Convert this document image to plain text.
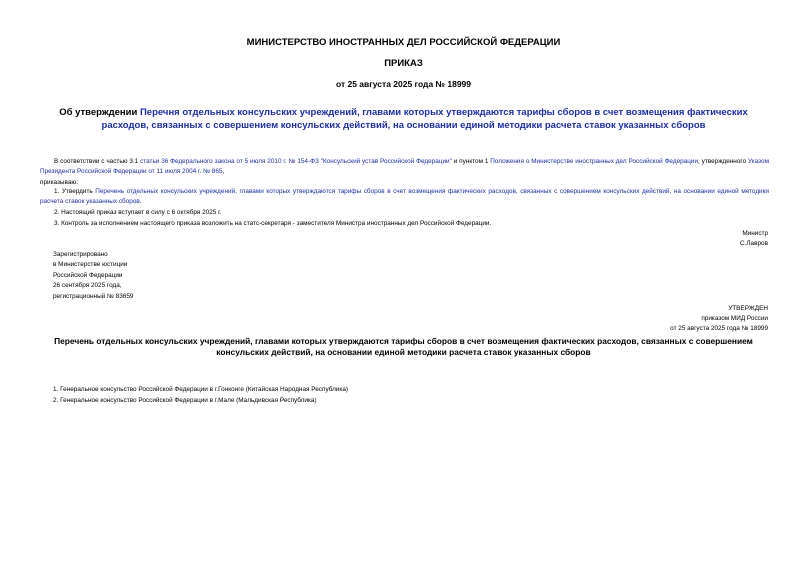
МИНИСТЕРСТВО ИНОСТРАННЫХ ДЕЛ РОССИЙСКОЙ ФЕДЕРАЦИИ
ПРИКАЗ
от 25 августа 2025 года № 18999
Об утверждении Перечня отдельных консульских учреждений, главами которых утверждаются тарифы сборов в счет возмещения фактических расходов, связанных с совершением консульских действий, на основании единой методики расчета ставок указанных сборов
В соответствии с частью 3.1 статьи 36 Федерального закона от 5 июля 2010 г. № 154-ФЗ "Консульский устав Российской Федерации" и пунктом 1 Положения о Министерстве иностранных дел Российской Федерации, утвержденного Указом Президента Российской Федерации от 11 июля 2004 г. № 865,
приказываю:
1. Утвердить Перечень отдельных консульских учреждений, главами которых утверждаются тарифы сборов в счет возмещения фактических расходов, связанных с совершением консульских действий, на основании единой методики расчета ставок указанных сборов.
2. Настоящий приказ вступает в силу с 6 октября 2025 г.
3. Контроль за исполнением настоящего приказа возложить на статс-секретаря - заместителя Министра иностранных дел Российской Федерации.
Министр
С.Лавров
Зарегистрировано
в Министерстве юстиции
Российской Федерации
26 сентября 2025 года,
регистрационный № 83659
УТВЕРЖДЕН
приказом МИД России
от 25 августа 2025 года № 18999
Перечень отдельных консульских учреждений, главами которых утверждаются тарифы сборов в счет возмещения фактических расходов, связанных с совершением консульских действий, на основании единой методики расчета ставок указанных сборов
1. Генеральное консульство Российской Федерации в г.Гонконге (Китайская Народная Республика)
2. Генеральное консульство Российской Федерации в г.Мале (Мальдивская Республика)
